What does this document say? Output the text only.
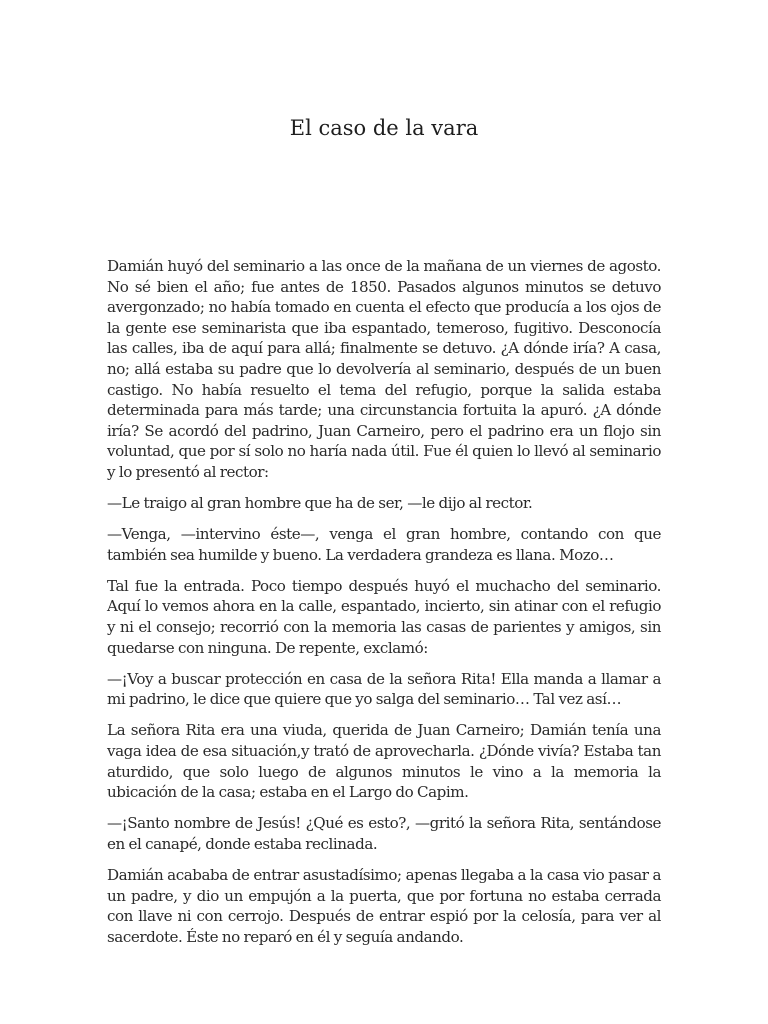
El caso de la vara

Damián huyó del seminario a las once de la mañana de un viernes de agosto. No sé bien el año; fue antes de 1850. Pasados algunos minutos se detuvo avergonzado; no había tomado en cuenta el efecto que producía a los ojos de la gente ese seminarista que iba espantado, temeroso, fugitivo. Desconocía las calles, iba de aquí para allá; finalmente se detuvo. ¿A dónde iría? A casa, no; allá estaba su padre que lo devolvería al seminario, después de un buen castigo. No había resuelto el tema del refugio, porque la salida estaba determinada para más tarde; una circunstancia fortuita la apuró. ¿A dónde iría? Se acordó del padrino, Juan Carneiro, pero el padrino era un flojo sin voluntad, que por sí solo no haría nada útil. Fue él quien lo llevó al seminario y lo presentó al rector:

—Le traigo al gran hombre que ha de ser, —le dijo al rector.

—Venga, —intervino éste—, venga el gran hombre, contando con que también sea humilde y bueno. La verdadera grandeza es llana. Mozo…

Tal fue la entrada. Poco tiempo después huyó el muchacho del seminario. Aquí lo vemos ahora en la calle, espantado, incierto, sin atinar con el refugio y ni el consejo; recorrió con la memoria las casas de parientes y amigos, sin quedarse con ninguna. De repente, exclamó:

—¡Voy a buscar protección en casa de la señora Rita! Ella manda a llamar a mi padrino, le dice que quiere que yo salga del seminario… Tal vez así…

La señora Rita era una viuda, querida de Juan Carneiro; Damián tenía una vaga idea de esa situación,y trató de aprovecharla. ¿Dónde vivía? Estaba tan aturdido, que solo luego de algunos minutos le vino a la memoria la ubicación de la casa; estaba en el Largo do Capim.

—¡Santo nombre de Jesús! ¿Qué es esto?, —gritó la señora Rita, sentándose en el canapé, donde estaba reclinada.

Damián acababa de entrar asustadísimo; apenas llegaba a la casa vio pasar a un padre, y dio un empujón a la puerta, que por fortuna no estaba cerrada con llave ni con cerrojo. Después de entrar espió por la celosía, para ver al sacerdote. Éste no reparó en él y seguía andando.
